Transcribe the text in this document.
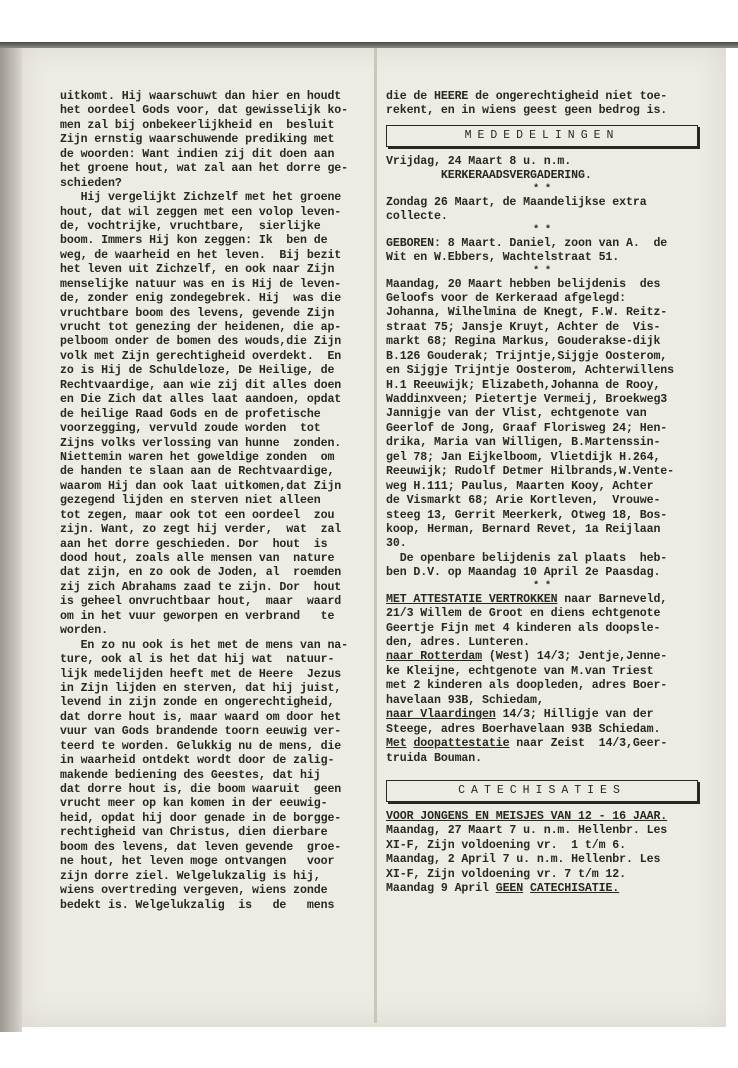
uitkomt. Hij waarschuwt dan hier en houdt
het oordeel Gods voor, dat gewisselijk ko-
men zal bij onbekeerlijkheid en  besluit
Zijn ernstig waarschuwende prediking met
de woorden: Want indien zij dit doen aan
het groene hout, wat zal aan het dorre ge-
schieden?
Hij vergelijkt Zichzelf met het groene
hout, dat wil zeggen met een volop leven-
de, vochtrijke, vruchtbare,  sierlijke
boom. Immers Hij kon zeggen: Ik  ben de
weg, de waarheid en het leven.  Bij bezit
het leven uit Zichzelf, en ook naar Zijn
menselijke natuur was en is Hij de leven-
de, zonder enig zondegebrek. Hij  was die
vruchtbare boom des levens, gevende Zijn
vrucht tot genezing der heidenen, die ap-
pelboom onder de bomen des wouds,die Zijn
volk met Zijn gerechtigheid overdekt.  En
zo is Hij de Schuldeloze, De Heilige, de
Rechtvaardige, aan wie zij dit alles doen
en Die Zich dat alles laat aandoen, opdat
de heilige Raad Gods en de profetische
voorzegging, vervuld zoude worden  tot
Zijns volks verlossing van hunne  zonden.
Niettemin waren het goweldige zonden  om
de handen te slaan aan de Rechtvaardige,
waarom Hij dan ook laat uitkomen,dat Zijn
gezegend lijden en sterven niet alleen
tot zegen, maar ook tot een oordeel  zou
zijn. Want, zo zegt hij verder,  wat  zal
aan het dorre geschieden. Dor  hout  is
dood hout, zoals alle mensen van  nature
dat zijn, en zo ook de Joden, al  roemden
zij zich Abrahams zaad te zijn. Dor  hout
is geheel onvruchtbaar hout,  maar  waard
om in het vuur geworpen en verbrand   te
worden.
En zo nu ook is het met de mens van na-
ture, ook al is het dat hij wat  natuur-
lijk medelijden heeft met de Heere  Jezus
in Zijn lijden en sterven, dat hij juist,
levend in zijn zonde en ongerechtigheid,
dat dorre hout is, maar waard om door het
vuur van Gods brandende toorn eeuwig ver-
teerd te worden. Gelukkig nu de mens, die
in waarheid ontdekt wordt door de zalig-
makende bediening des Geestes, dat hij
dat dorre hout is, die boom waaruit  geen
vrucht meer op kan komen in der eeuwig-
heid, opdat hij door genade in de borgge-
rechtigheid van Christus, dien dierbare
boom des levens, dat leven gevende  groe-
ne hout, het leven moge ontvangen   voor
zijn dorre ziel. Welgelukzalig is hij,
wiens overtreding vergeven, wiens zonde
bedekt is. Welgelukzalig  is   de   mens
die de HEERE de ongerechtigheid niet toe-
rekent, en in wiens geest geen bedrog is.
MEDEDELINGEN
Vrijdag, 24 Maart 8 u. n.m.
KERKERAADSVERGADERING.
* *
Zondag 26 Maart, de Maandelijkse extra
collecte.
* *
GEBOREN: 8 Maart. Daniel, zoon van A.  de
Wit en W.Ebbers, Wachtelstraat 51.
* *
Maandag, 20 Maart hebben belijdenis  des
Geloofs voor de Kerkeraad afgelegd:
Johanna, Wilhelmina de Knegt, F.W. Reitz-
straat 75; Jansje Kruyt, Achter de  Vis-
markt 68; Regina Markus, Gouderakse-dijk
B.126 Gouderak; Trijntje,Sijgje Oosterom,
en Sijgje Trijntje Oosterom, Achterwillens
H.1 Reeuwijk; Elizabeth,Johanna de Rooy,
Waddinxveen; Pietertje Vermeij, Broekweg3
Jannigje van der Vlist, echtgenote van
Geerlof de Jong, Graaf Florisweg 24; Hen-
drika, Maria van Willigen, B.Martenssin-
gel 78; Jan Eijkelboom, Vlietdijk H.264,
Reeuwijk; Rudolf Detmer Hilbrands,W.Vente-
weg H.111; Paulus, Maarten Kooy, Achter
de Vismarkt 68; Arie Kortleven,  Vrouwe-
steeg 13, Gerrit Meerkerk, Otweg 18, Bos-
koop, Herman, Bernard Revet, 1a Reijlaan
30.
De openbare belijdenis zal plaats  heb-
ben D.V. op Maandag 10 April 2e Paasdag.
* *
MET ATTESTATIE VERTROKKEN naar Barneveld,
21/3 Willem de Groot en diens echtgenote
Geertje Fijn met 4 kinderen als doopsle-
den, adres. Lunteren.
naar Rotterdam (West) 14/3; Jentje,Jenne-
ke Kleijne, echtgenote van M.van Triest
met 2 kinderen als doopleden, adres Boer-
havelaan 93B, Schiedam,
naar Vlaardingen 14/3; Hilligje van der
Steege, adres Boerhavelaan 93B Schiedam.
Met doopattestatie naar Zeist  14/3,Geer-
truida Bouman.
CATECHISATIES
VOOR JONGENS EN MEISJES VAN 12 - 16 JAAR.
Maandag, 27 Maart 7 u. n.m. Hellenbr. Les
XI-F, Zijn voldoening vr.  1 t/m 6.
Maandag, 2 April 7 u. n.m. Hellenbr. Les
XI-F, Zijn voldoening vr. 7 t/m 12.
Maandag 9 April GEEN CATECHISATIE.
